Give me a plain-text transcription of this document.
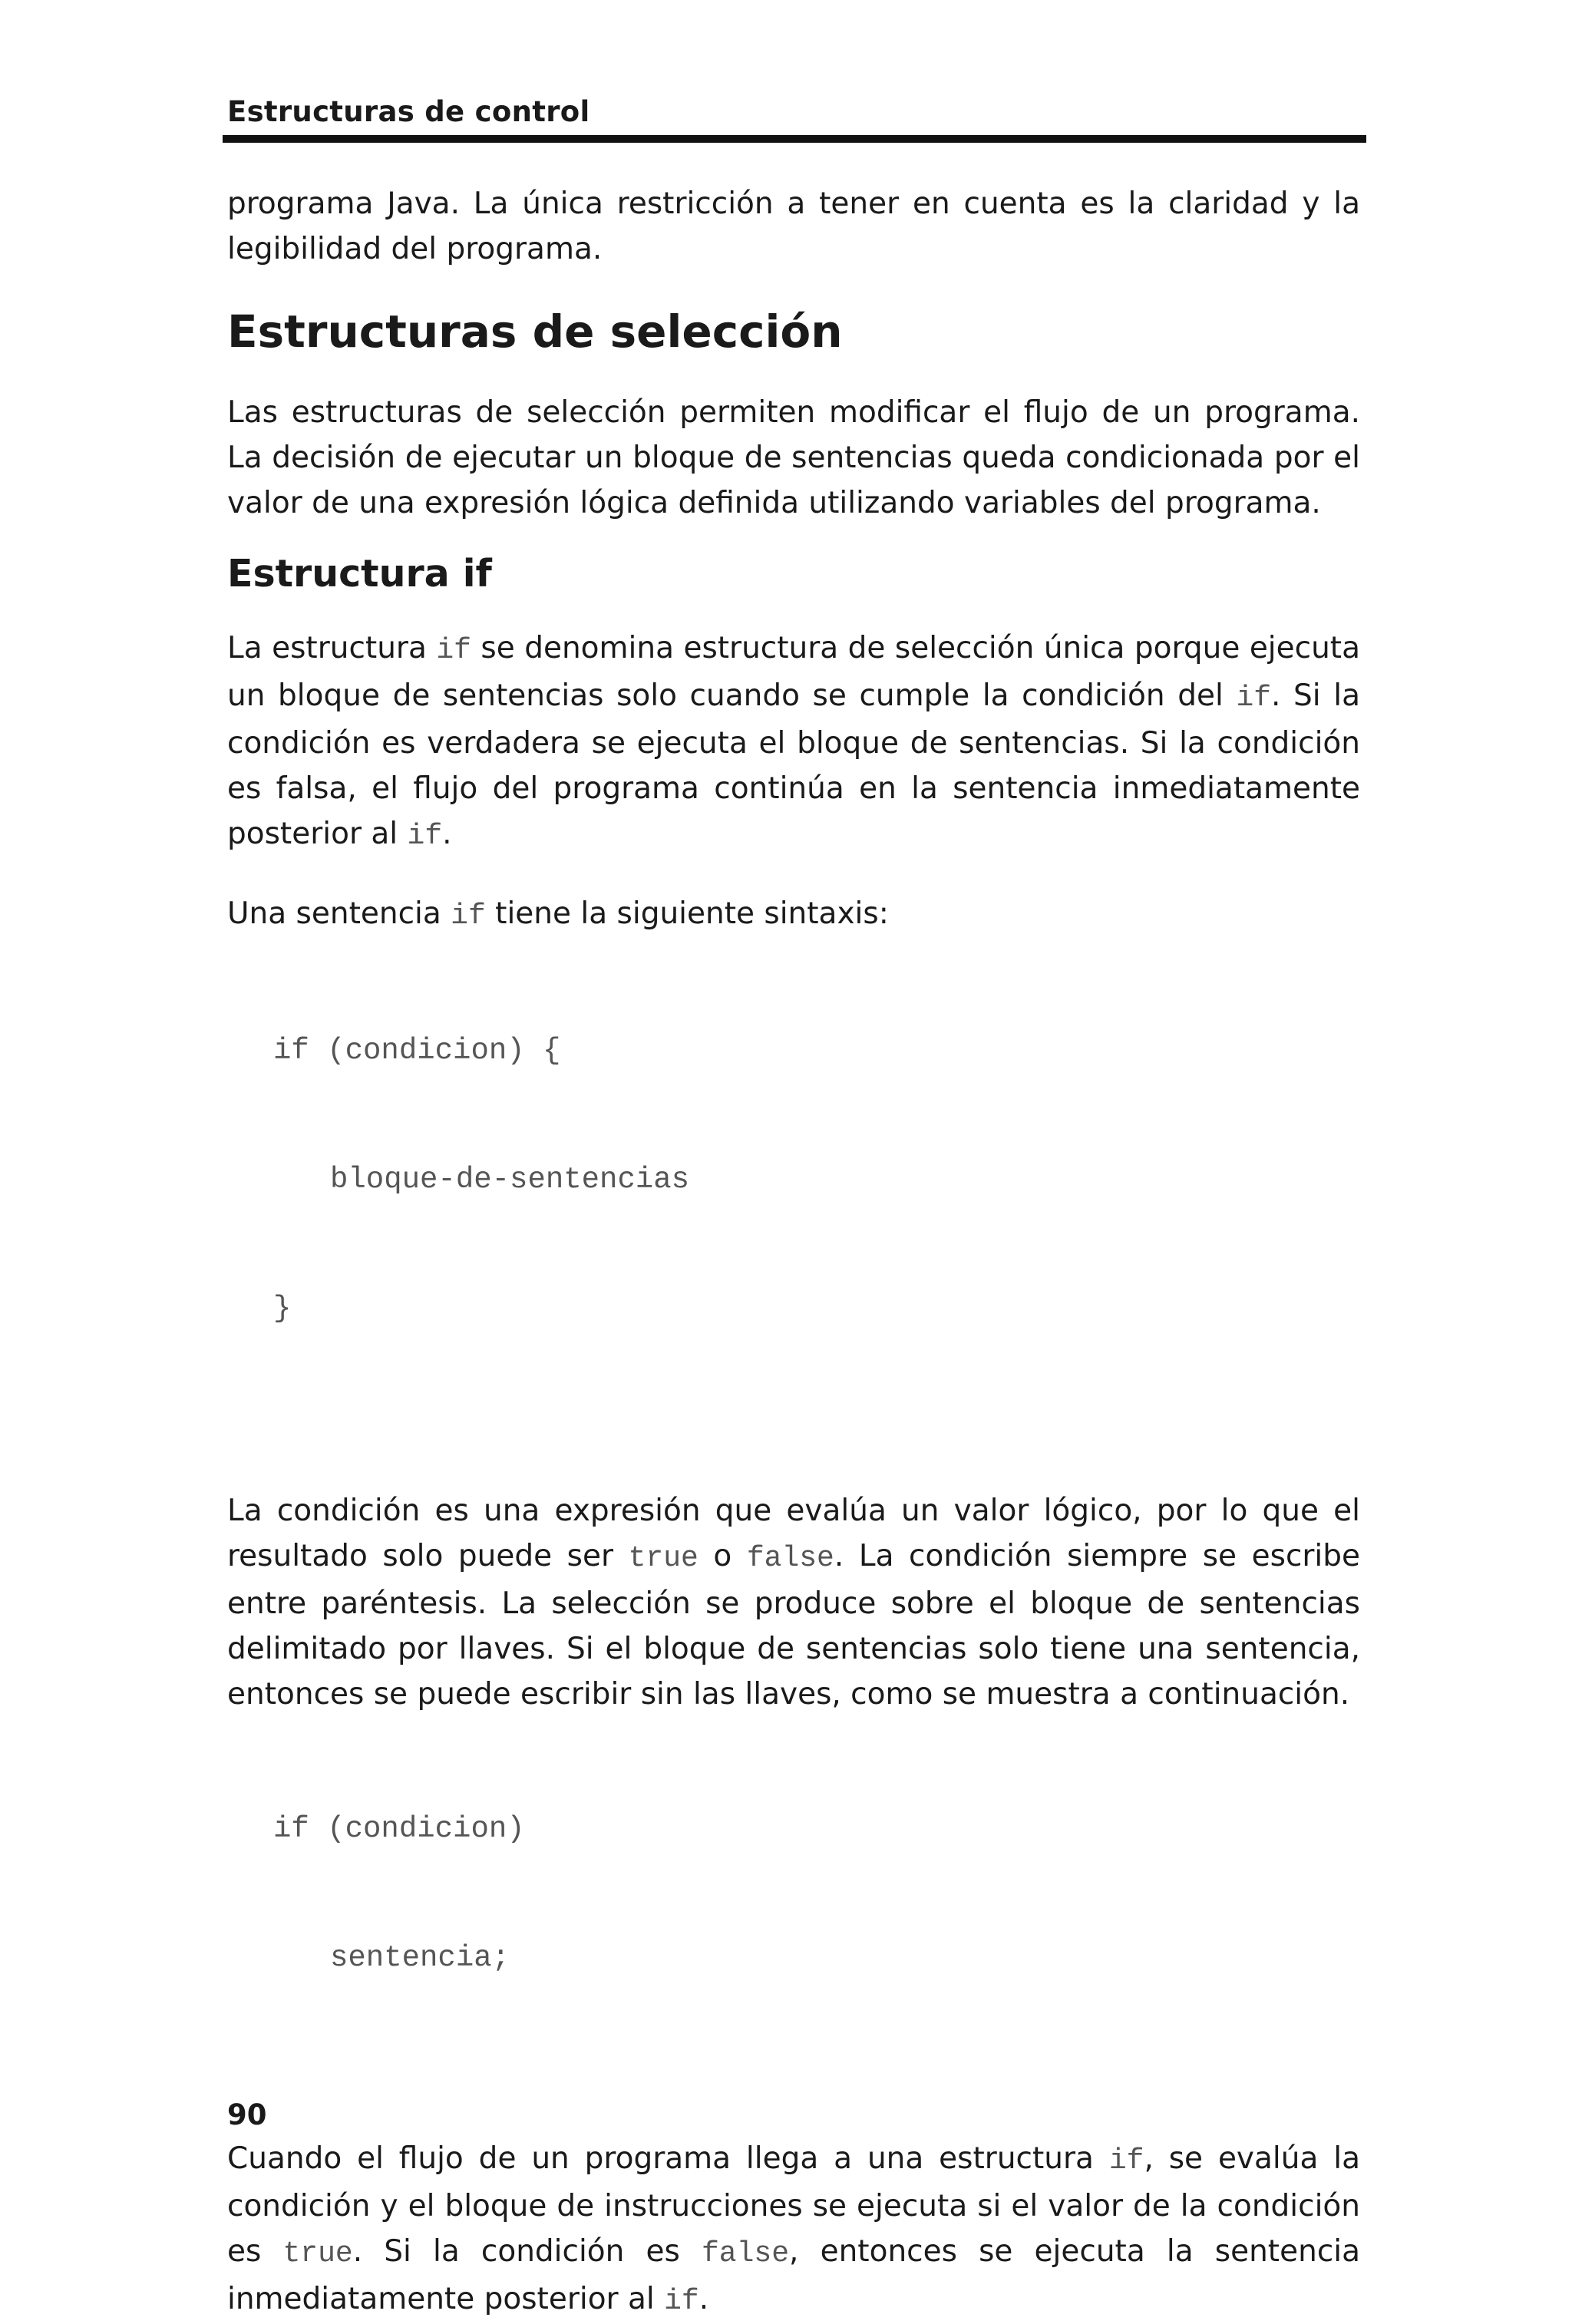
Estructuras de control

programa Java. La única restricción a tener en cuenta es la claridad y la legibilidad del programa.

Estructuras de selección

Las estructuras de selección permiten modificar el flujo de un programa. La decisión de ejecutar un bloque de sentencias queda condicionada por el valor de una expresión lógica definida utilizando variables del programa.

Estructura if

La estructura if se denomina estructura de selección única porque ejecuta un bloque de sentencias solo cuando se cumple la condición del if. Si la condición es verdadera se ejecuta el bloque de sentencias. Si la condición es falsa, el flujo del programa continúa en la sentencia inmediatamente posterior al if.

Una sentencia if tiene la siguiente sintaxis:

if (condicion) {

bloque-de-sentencias

}

La condición es una expresión que evalúa un valor lógico, por lo que el resultado solo puede ser true o false. La condición siempre se escribe entre paréntesis. La selección se produce sobre el bloque de sentencias delimitado por llaves. Si el bloque de sentencias solo tiene una sentencia, entonces se puede escribir sin las llaves, como se muestra a continuación.

if (condicion)

sentencia;

Cuando el flujo de un programa llega a una estructura if, se evalúa la condición y el bloque de instrucciones se ejecuta si el valor de la condición es true. Si la condición es false, entonces se ejecuta la sentencia inmediatamente posterior al if.

90
